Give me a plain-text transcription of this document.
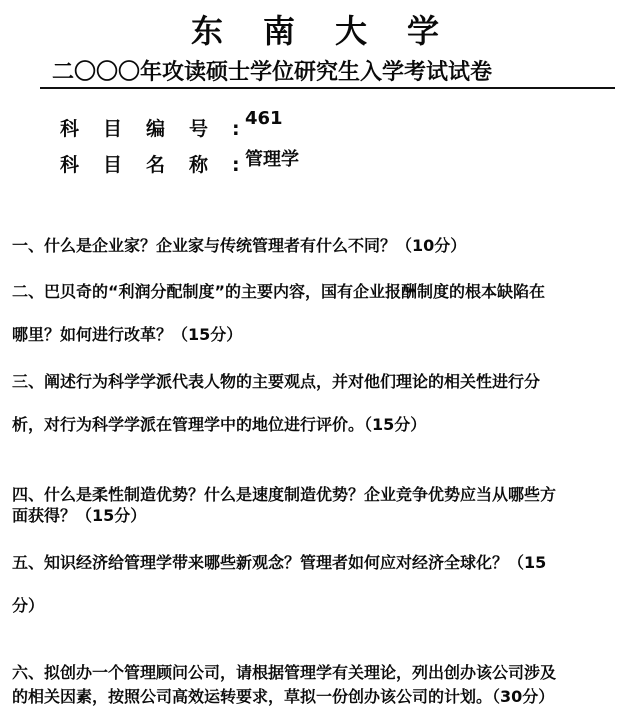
东南大学
二〇〇〇年攻读硕士学位研究生入学考试试卷
科目编号:
461
科目名称:
管理学
一、什么是企业家？企业家与传统管理者有什么不同？（10分）
二、巴贝奇的“利润分配制度”的主要内容，国有企业报酬制度的根本缺陷在
哪里？如何进行改革？（15分）
三、阐述行为科学学派代表人物的主要观点，并对他们理论的相关性进行分
析，对行为科学学派在管理学中的地位进行评价。（15分）
四、什么是柔性制造优势？什么是速度制造优势？企业竞争优势应当从哪些方
面获得？（15分）
五、知识经济给管理学带来哪些新观念？管理者如何应对经济全球化？（15
分）
六、拟创办一个管理顾问公司，请根据管理学有关理论，列出创办该公司涉及
的相关因素，按照公司高效运转要求，草拟一份创办该公司的计划。（30分）
